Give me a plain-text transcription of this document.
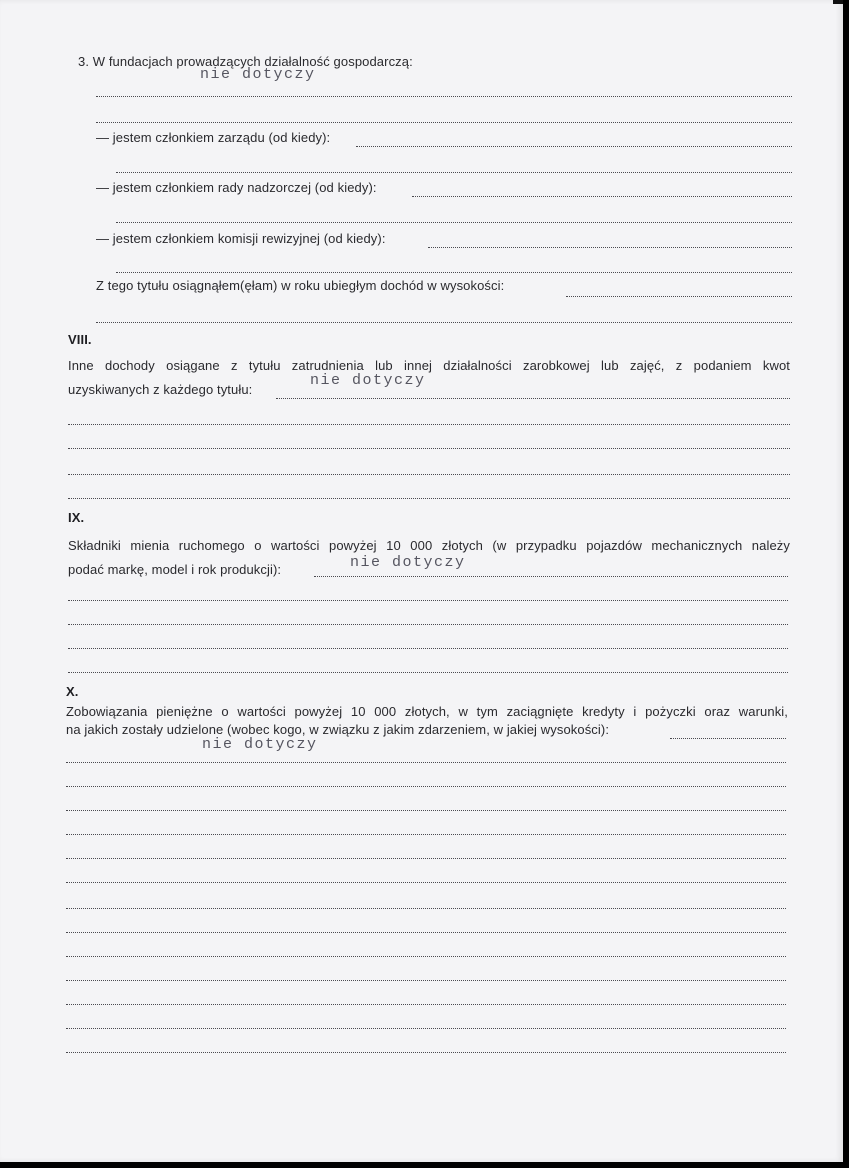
3. W fundacjach prowadzących działalność gospodarczą:
nie dotyczy
— jestem członkiem zarządu (od kiedy):
— jestem członkiem rady nadzorczej (od kiedy):
— jestem członkiem komisji rewizyjnej (od kiedy):
Z tego tytułu osiągnąłem(ęłam) w roku ubiegłym dochód w wysokości:
VIII.
Inne dochody osiągane z tytułu zatrudnienia lub innej działalności zarobkowej lub zajęć, z podaniem kwot
nie dotyczy
uzyskiwanych z każdego tytułu:
IX.
Składniki mienia ruchomego o wartości powyżej 10 000 złotych (w przypadku pojazdów mechanicznych należy
nie dotyczy
podać markę, model i rok produkcji):
X.
Zobowiązania pieniężne o wartości powyżej 10 000 złotych, w tym zaciągnięte kredyty i pożyczki oraz warunki,
na jakich zostały udzielone (wobec kogo, w związku z jakim zdarzeniem, w jakiej wysokości):
nie dotyczy
